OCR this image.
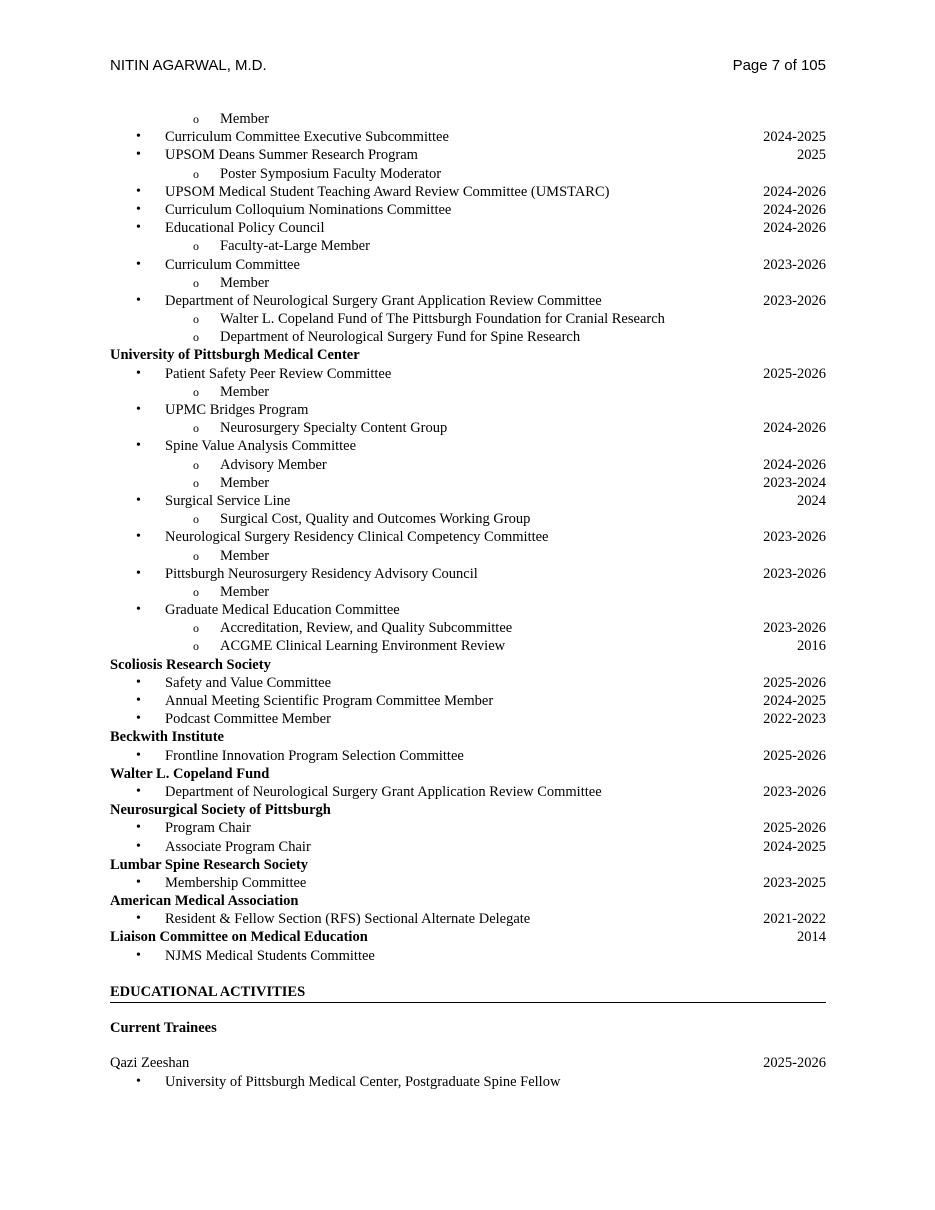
NITIN AGARWAL, M.D.	Page 7 of 105
o Member
• Curriculum Committee Executive Subcommittee	2024-2025
• UPSOM Deans Summer Research Program	2025
o Poster Symposium Faculty Moderator
• UPSOM Medical Student Teaching Award Review Committee (UMSTARC)	2024-2026
• Curriculum Colloquium Nominations Committee	2024-2026
• Educational Policy Council	2024-2026
o Faculty-at-Large Member
• Curriculum Committee	2023-2026
o Member
• Department of Neurological Surgery Grant Application Review Committee	2023-2026
o Walter L. Copeland Fund of The Pittsburgh Foundation for Cranial Research
o Department of Neurological Surgery Fund for Spine Research
University of Pittsburgh Medical Center
• Patient Safety Peer Review Committee	2025-2026
o Member
• UPMC Bridges Program
o Neurosurgery Specialty Content Group	2024-2026
• Spine Value Analysis Committee
o Advisory Member	2024-2026
o Member	2023-2024
• Surgical Service Line	2024
o Surgical Cost, Quality and Outcomes Working Group
• Neurological Surgery Residency Clinical Competency Committee	2023-2026
o Member
• Pittsburgh Neurosurgery Residency Advisory Council	2023-2026
o Member
• Graduate Medical Education Committee
o Accreditation, Review, and Quality Subcommittee	2023-2026
o ACGME Clinical Learning Environment Review	2016
Scoliosis Research Society
• Safety and Value Committee	2025-2026
• Annual Meeting Scientific Program Committee Member	2024-2025
• Podcast Committee Member	2022-2023
Beckwith Institute
• Frontline Innovation Program Selection Committee	2025-2026
Walter L. Copeland Fund
• Department of Neurological Surgery Grant Application Review Committee	2023-2026
Neurosurgical Society of Pittsburgh
• Program Chair	2025-2026
• Associate Program Chair	2024-2025
Lumbar Spine Research Society
• Membership Committee	2023-2025
American Medical Association
• Resident & Fellow Section (RFS) Sectional Alternate Delegate	2021-2022
Liaison Committee on Medical Education	2014
• NJMS Medical Students Committee
EDUCATIONAL ACTIVITIES
Current Trainees
Qazi Zeeshan	2025-2026
• University of Pittsburgh Medical Center, Postgraduate Spine Fellow
